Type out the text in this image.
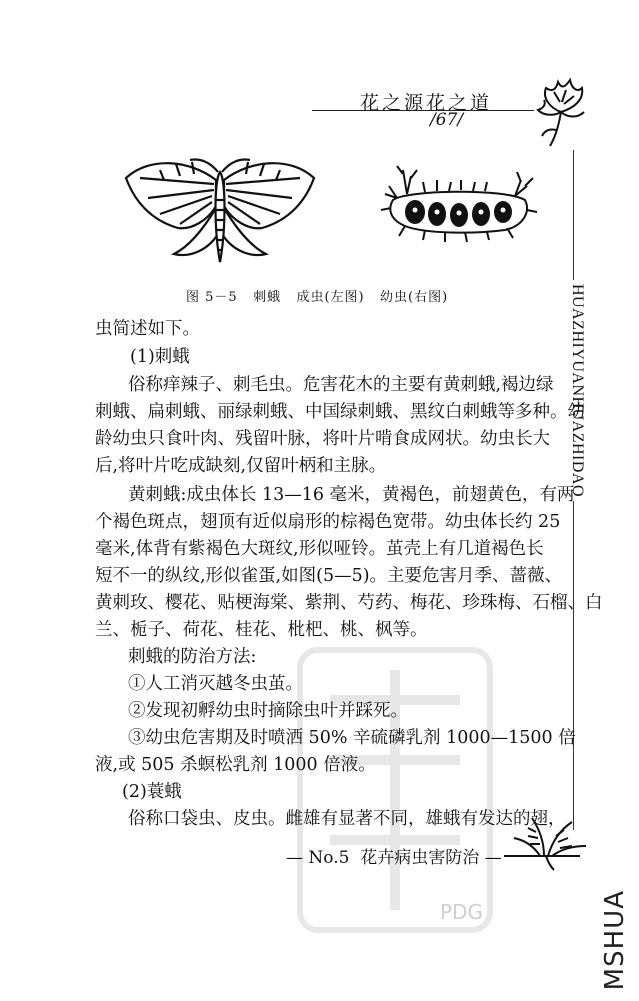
花之源花之道
/67/
HUAZHIYUANHUAZHIDAO
图 5－5   刺蛾   成虫(左图)   幼虫(右图)
虫简述如下。
(1)刺蛾
俗称痒辣子、刺毛虫。危害花木的主要有黄刺蛾,褐边绿
刺蛾、扁刺蛾、丽绿刺蛾、中国绿刺蛾、黑纹白刺蛾等多种。幼
龄幼虫只食叶肉、残留叶脉，将叶片啃食成网状。幼虫长大
后,将叶片吃成缺刻,仅留叶柄和主脉。
黄刺蛾:成虫体长 13—16 毫米，黄褐色，前翅黄色，有两
个褐色斑点，翅顶有近似扇形的棕褐色宽带。幼虫体长约 25
毫米,体背有紫褐色大斑纹,形似哑铃。茧壳上有几道褐色长
短不一的纵纹,形似雀蛋,如图(5—5)。主要危害月季、蔷薇、
黄刺玫、樱花、贴梗海棠、紫荆、芍药、梅花、珍珠梅、石榴、白
兰、栀子、荷花、桂花、枇杷、桃、枫等。
刺蛾的防治方法:
①人工消灭越冬虫茧。
②发现初孵幼虫时摘除虫叶并踩死。
③幼虫危害期及时喷洒 50% 辛硫磷乳剂 1000—1500 倍
液,或 505 杀螟松乳剂 1000 倍液。
(2)蓑蛾
俗称口袋虫、皮虫。雌雄有显著不同，雄蛾有发达的翅，
PDG
— No.5  花卉病虫害防治 —
MSHUA
